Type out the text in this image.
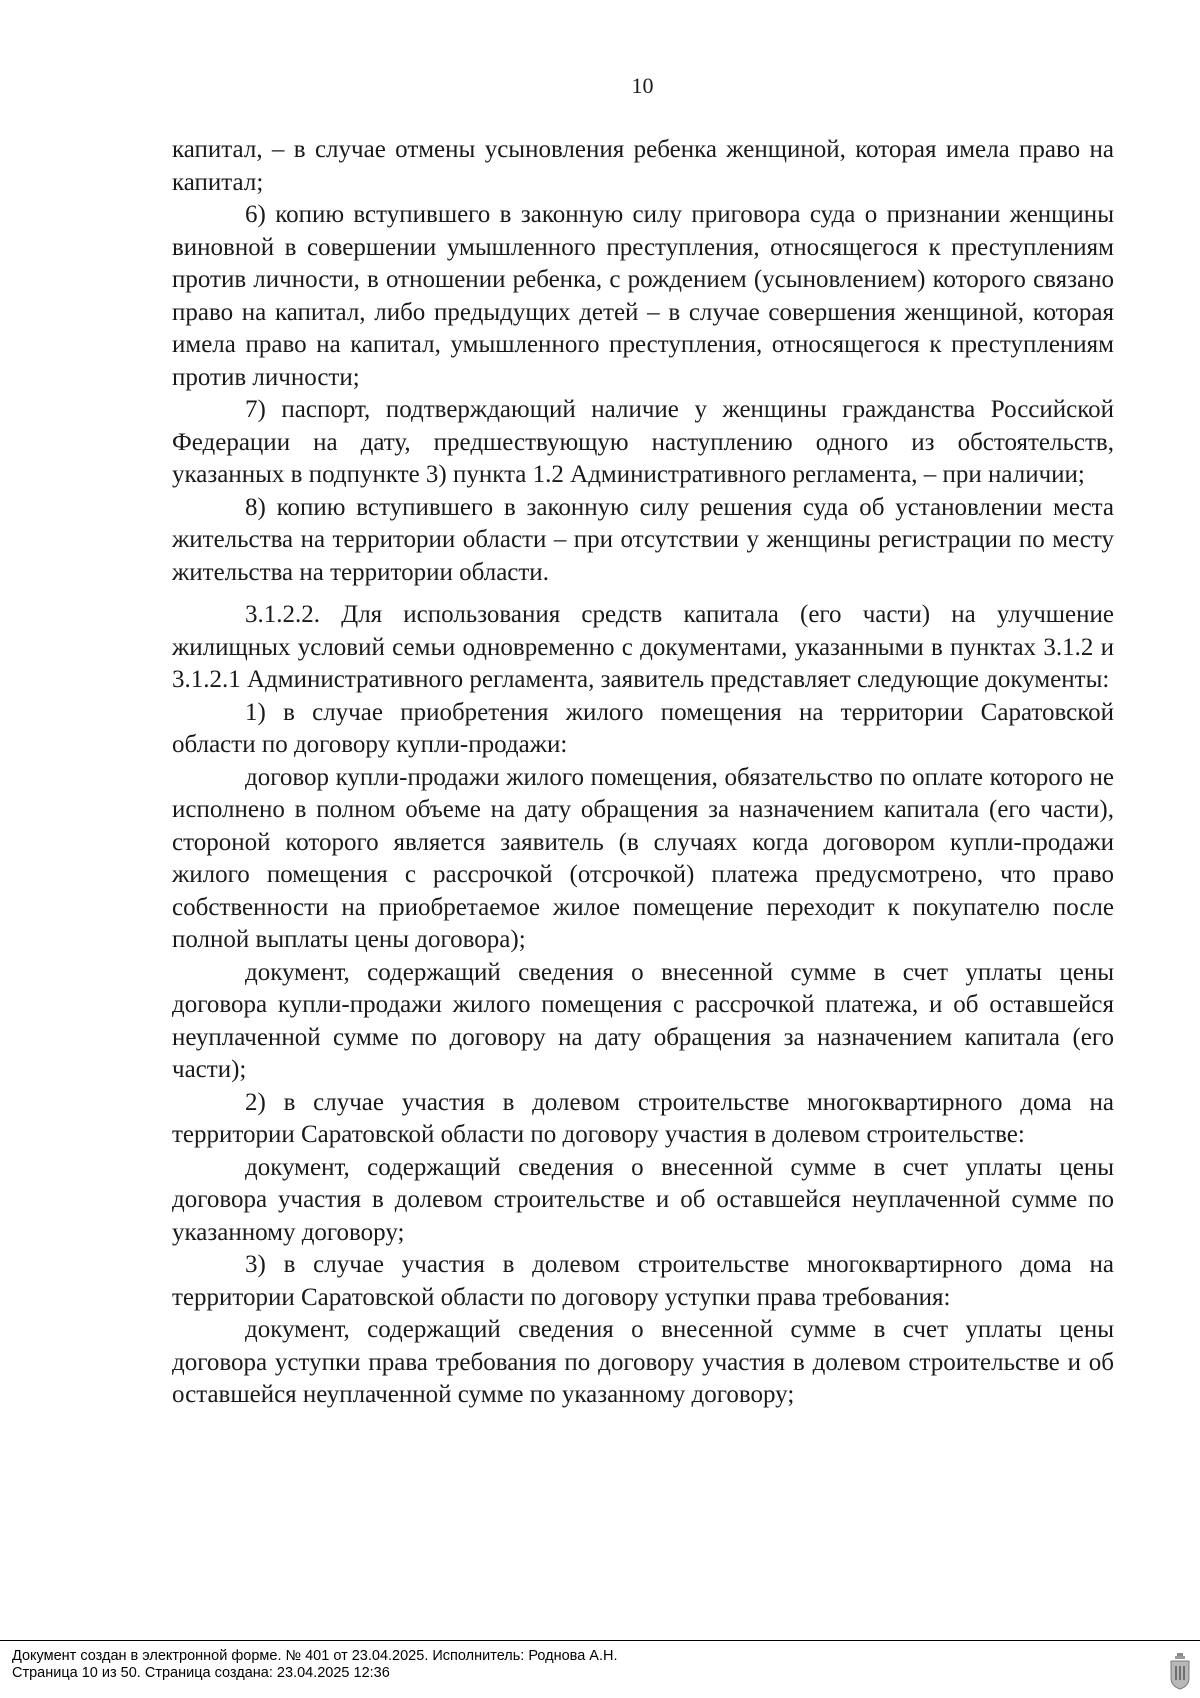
10

капитал, – в случае отмены усыновления ребенка женщиной, которая имела право на капитал;

6) копию вступившего в законную силу приговора суда о признании женщины виновной в совершении умышленного преступления, относящегося к преступлениям против личности, в отношении ребенка, с рождением (усыновлением) которого связано право на капитал, либо предыдущих детей – в случае совершения женщиной, которая имела право на капитал, умышленного преступления, относящегося к преступлениям против личности;

7) паспорт, подтверждающий наличие у женщины гражданства Российской Федерации на дату, предшествующую наступлению одного из обстоятельств, указанных в подпункте 3) пункта 1.2 Административного регламента, – при наличии;

8) копию вступившего в законную силу решения суда об установлении места жительства на территории области – при отсутствии у женщины регистрации по месту жительства на территории области.

3.1.2.2. Для использования средств капитала (его части) на улучшение жилищных условий семьи одновременно с документами, указанными в пунктах 3.1.2 и 3.1.2.1 Административного регламента, заявитель представляет следующие документы:

1) в случае приобретения жилого помещения на территории Саратовской области по договору купли-продажи:

договор купли-продажи жилого помещения, обязательство по оплате которого не исполнено в полном объеме на дату обращения за назначением капитала (его части), стороной которого является заявитель (в случаях когда договором купли-продажи жилого помещения с рассрочкой (отсрочкой) платежа предусмотрено, что право собственности на приобретаемое жилое помещение переходит к покупателю после полной выплаты цены договора);

документ, содержащий сведения о внесенной сумме в счет уплаты цены договора купли-продажи жилого помещения с рассрочкой платежа, и об оставшейся неуплаченной сумме по договору на дату обращения за назначением капитала (его части);

2) в случае участия в долевом строительстве многоквартирного дома на территории Саратовской области по договору участия в долевом строительстве:

документ, содержащий сведения о внесенной сумме в счет уплаты цены договора участия в долевом строительстве и об оставшейся неуплаченной сумме по указанному договору;

3) в случае участия в долевом строительстве многоквартирного дома на территории Саратовской области по договору уступки права требования:

документ, содержащий сведения о внесенной сумме в счет уплаты цены договора уступки права требования по договору участия в долевом строительстве и об оставшейся неуплаченной сумме по указанному договору;

Документ создан в электронной форме. № 401 от 23.04.2025. Исполнитель: Роднова А.Н.
Страница 10 из 50. Страница создана: 23.04.2025 12:36
